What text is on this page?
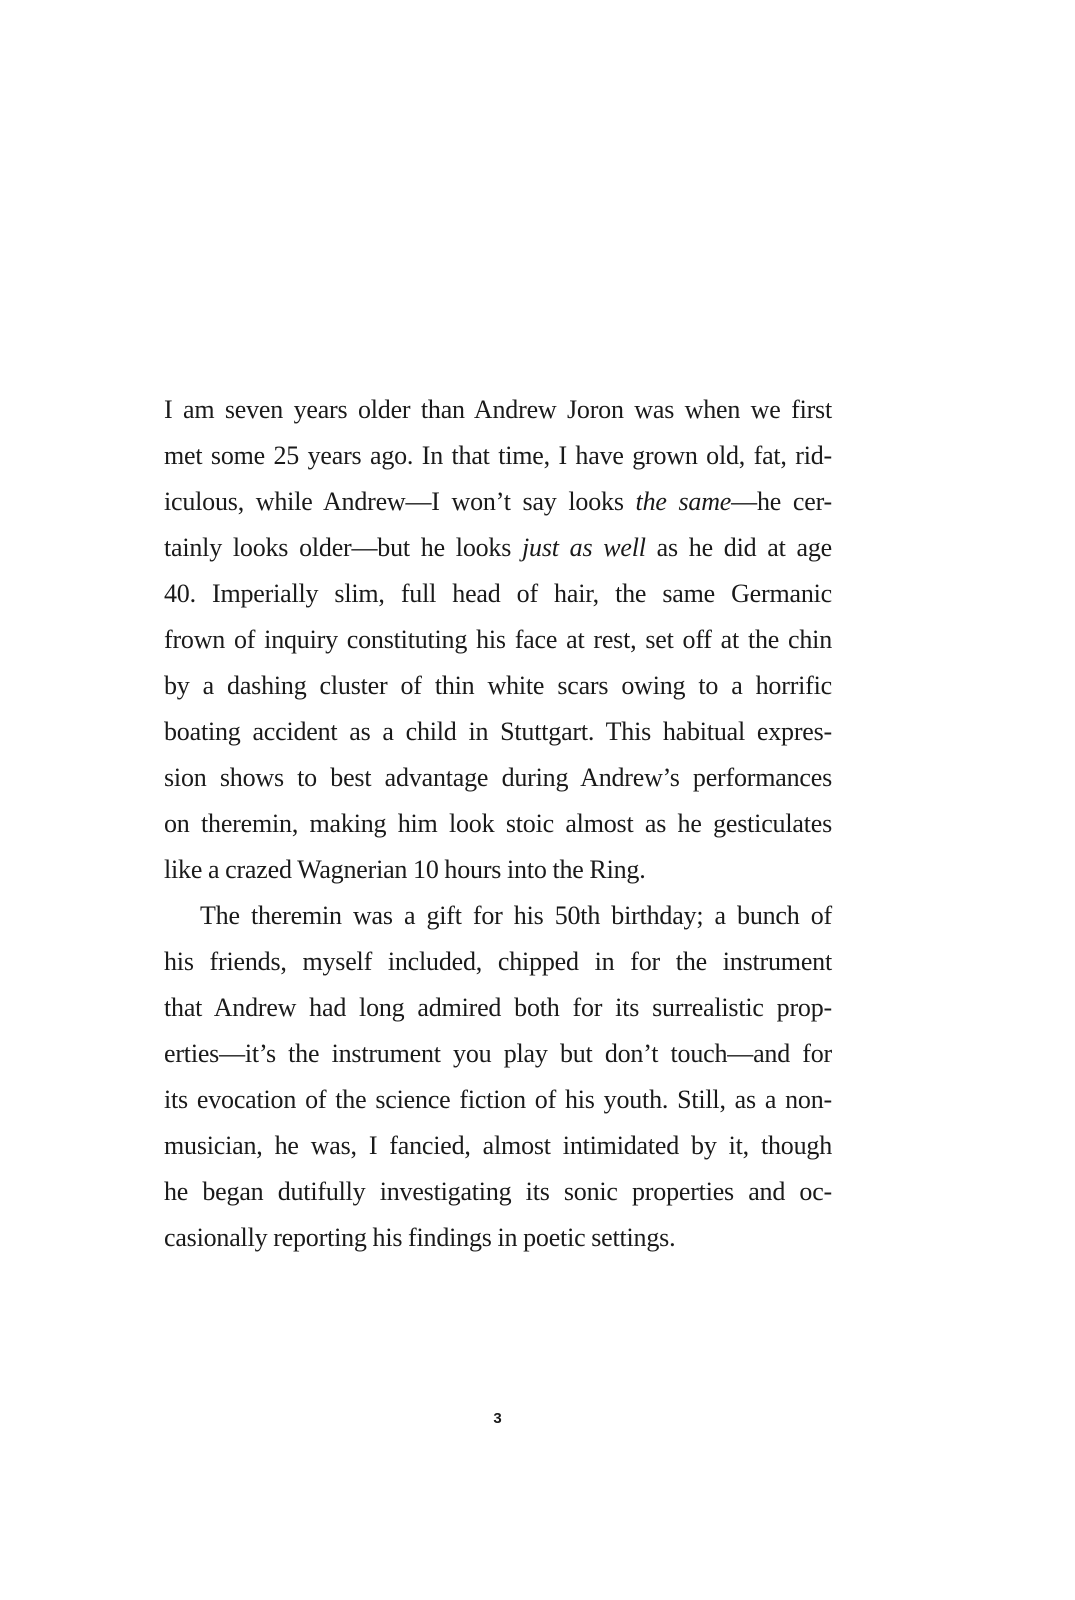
I am seven years older than Andrew Joron was when we first
met some 25 years ago. In that time, I have grown old, fat, rid-
iculous, while Andrew—I won’t say looks the same—he cer-
tainly looks older—but he looks just as well as he did at age
40. Imperially slim, full head of hair, the same Germanic
frown of inquiry constituting his face at rest, set off at the chin
by a dashing cluster of thin white scars owing to a horrific
boating accident as a child in Stuttgart. This habitual expres-
sion shows to best advantage during Andrew’s performances
on theremin, making him look stoic almost as he gesticulates
like a crazed Wagnerian 10 hours into the Ring.
The theremin was a gift for his 50th birthday; a bunch of
his friends, myself included, chipped in for the instrument
that Andrew had long admired both for its surrealistic prop-
erties—it’s the instrument you play but don’t touch—and for
its evocation of the science fiction of his youth. Still, as a non-
musician, he was, I fancied, almost intimidated by it, though
he began dutifully investigating its sonic properties and oc-
casionally reporting his findings in poetic settings.
3
